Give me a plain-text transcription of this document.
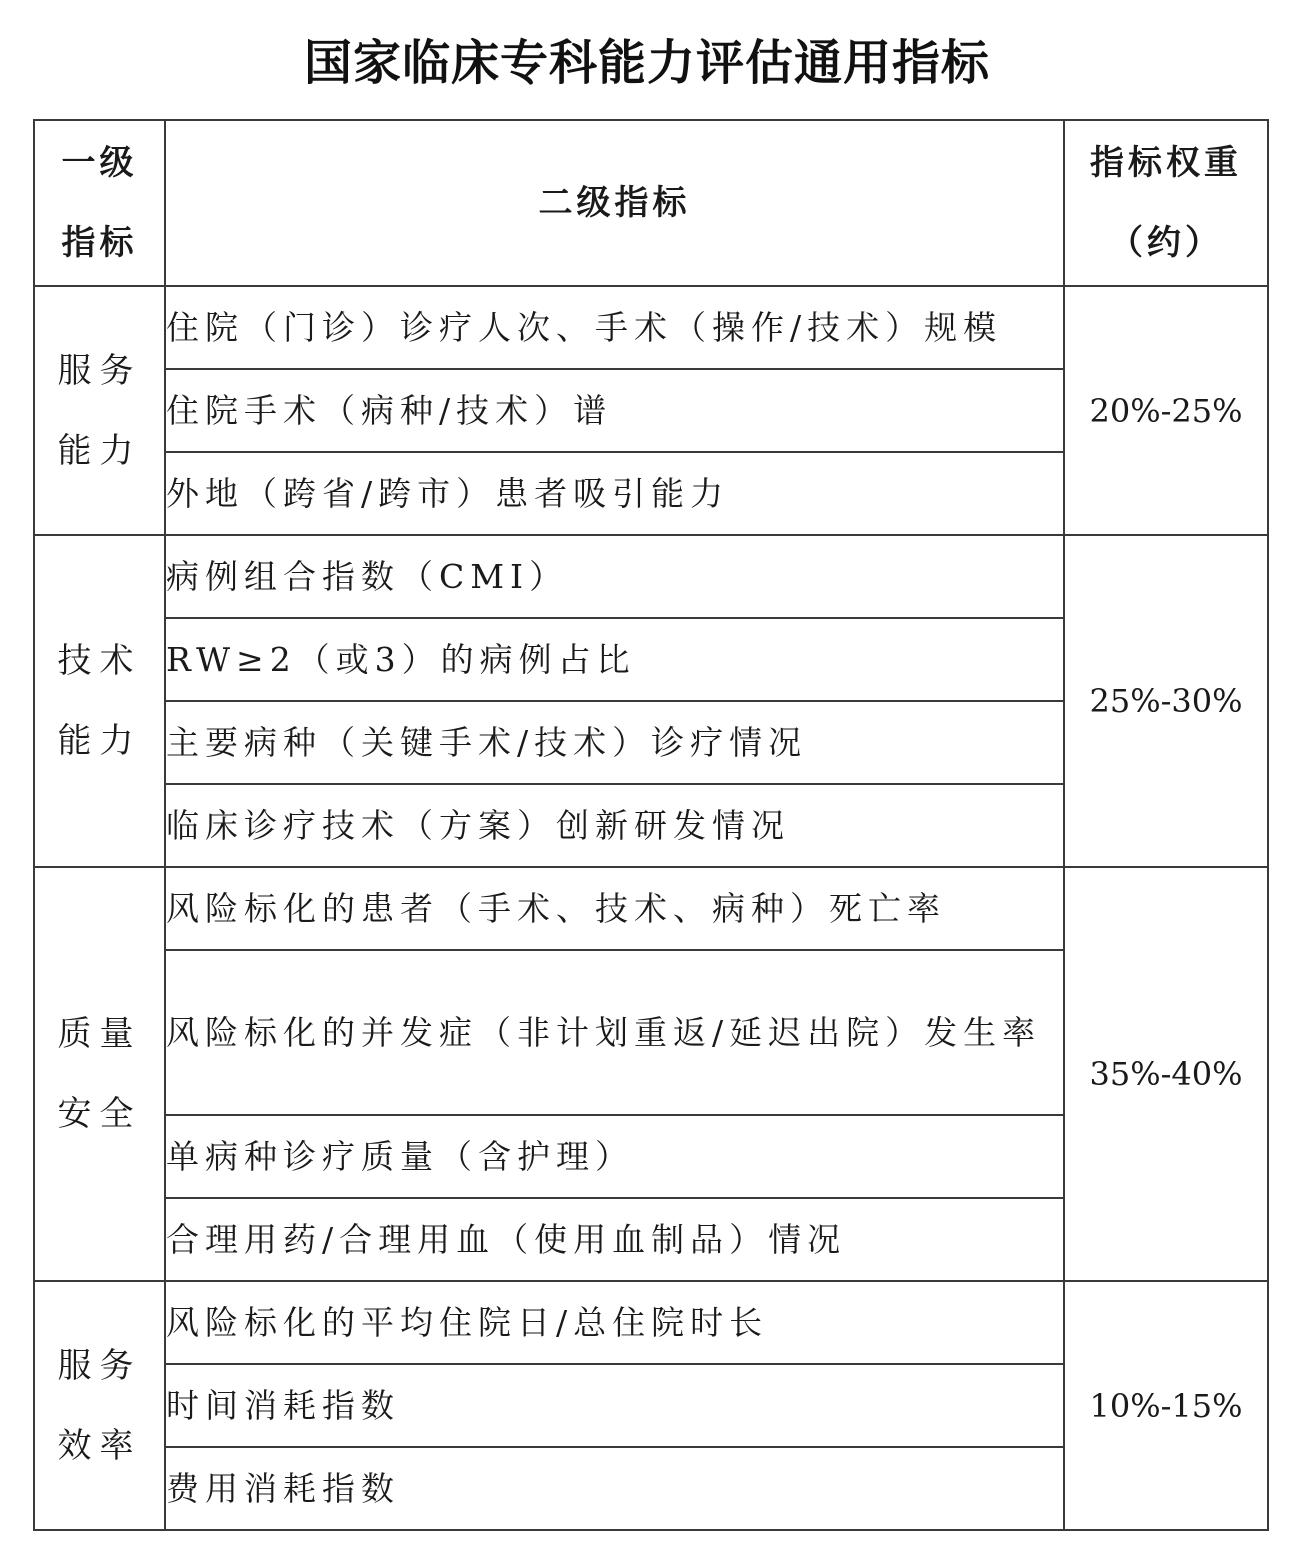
国家临床专科能力评估通用指标
一级
指标	二级指标	指标权重
（约）

服务
能力	住院（门诊）诊疗人次、手术（操作/技术）规模	20%-25%
	住院手术（病种/技术）谱	
	外地（跨省/跨市）患者吸引能力	

技术
能力	病例组合指数（CMI）	25%-30%
	RW≥2（或3）的病例占比	
	主要病种（关键手术/技术）诊疗情况	
	临床诊疗技术（方案）创新研发情况	

质量
安全	风险标化的患者（手术、技术、病种）死亡率	35%-40%
	风险标化的并发症（非计划重返/延迟出院）发生率	
	单病种诊疗质量（含护理）	
	合理用药/合理用血（使用血制品）情况	

服务
效率	风险标化的平均住院日/总住院时长	10%-15%
	时间消耗指数	
	费用消耗指数	
